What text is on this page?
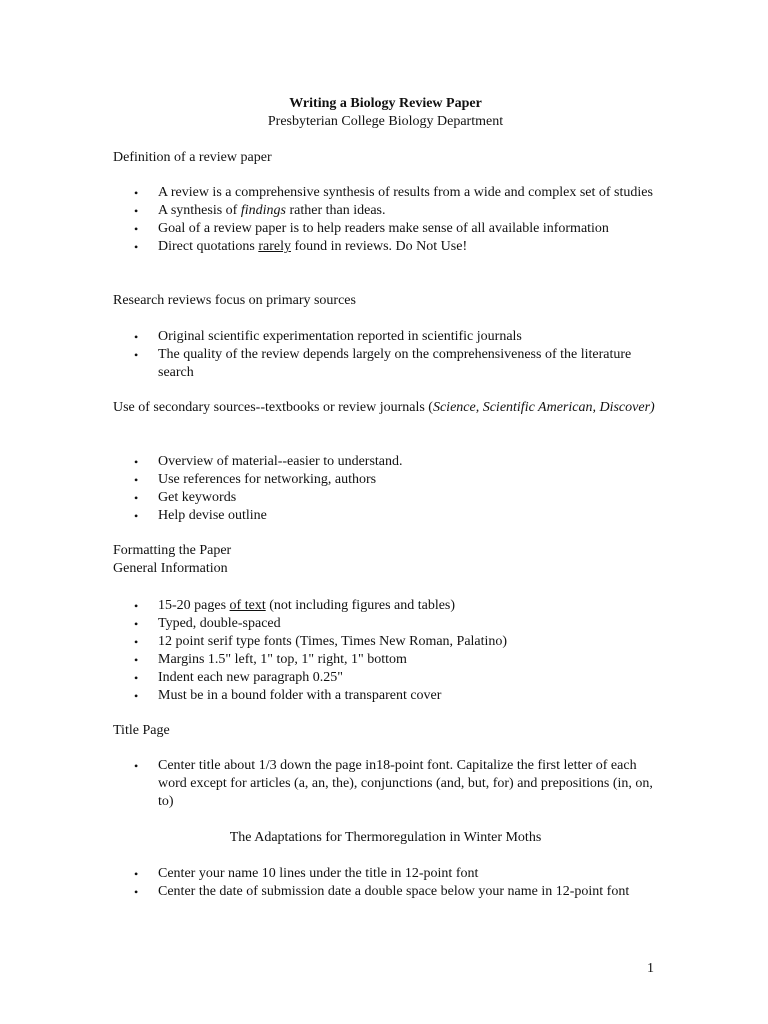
Writing a Biology Review Paper
Presbyterian College Biology Department
Definition of a review paper
• A review is a comprehensive synthesis of results from a wide and complex set of studies
• A synthesis of findings rather than ideas.
• Goal of a review paper is to help readers make sense of all available information
• Direct quotations rarely found in reviews. Do Not Use!
Research reviews focus on primary sources
• Original scientific experimentation reported in scientific journals
• The quality of the review depends largely on the comprehensiveness of the literature search
Use of secondary sources--textbooks or review journals (Science, Scientific American, Discover)
• Overview of material--easier to understand.
• Use references for networking, authors
• Get keywords
• Help devise outline
Formatting the Paper
General Information
• 15-20 pages of text (not including figures and tables)
• Typed, double-spaced
• 12 point serif type fonts (Times, Times New Roman, Palatino)
• Margins 1.5" left, 1" top, 1" right, 1" bottom
• Indent each new paragraph 0.25"
• Must be in a bound folder with a transparent cover
Title Page
• Center title about 1/3 down the page in18-point font. Capitalize the first letter of each word except for articles (a, an, the), conjunctions (and, but, for) and prepositions (in, on, to)
The Adaptations for Thermoregulation in Winter Moths
• Center your name 10 lines under the title in 12-point font
• Center the date of submission date a double space below your name in 12-point font
1
